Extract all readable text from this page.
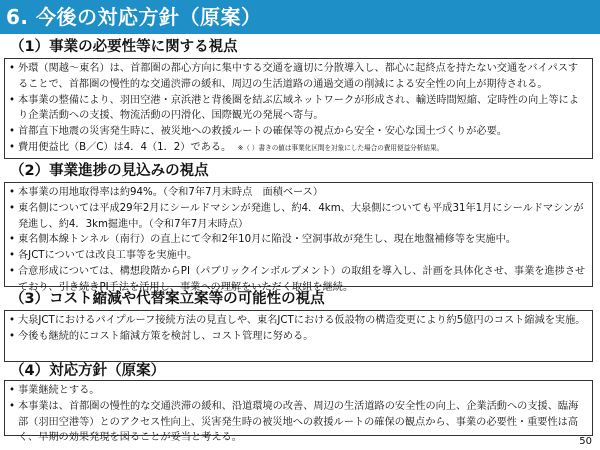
6. 今後の対応方針（原案）
（1）事業の必要性等に関する視点
• 外環（関越～東名）は、首都圏の都心方向に集中する交通を適切に分散導入し、都心に起終点を持たない交通をバイパスすることで、首都圏の慢性的な交通渋滞の緩和、周辺の生活道路の通過交通の削減による安全性の向上が期待される。
• 本事業の整備により、羽田空港・京浜港と背後圏を結ぶ広域ネットワークが形成され、輸送時間短縮、定時性の向上等により企業活動への支援、物流活動の円滑化、国際観光の発展へ寄与。
• 首都直下地震の災害発生時に、被災地への救援ルートの確保等の視点から安全・安心な国土づくりが必要。
• 費用便益比（B／C）は4．4（1．2）である。 ※（ ）書きの値は事業化区間を対象にした場合の費用便益分析結果。
（2）事業進捗の見込みの視点
• 本事業の用地取得率は約94%。（令和7年7月末時点　面積ベース）
• 東名側については平成29年2月にシールドマシンが発進し、約4．4km、大泉側についても平成31年1月にシールドマシンが発進し、約4．3km掘進中。（令和7年7月末時点）
• 東名側本線トンネル（南行）の直上にて令和2年10月に陥没・空洞事故が発生し、現在地盤補修等を実施中。
• 各JCTについては改良工事等を実施中。
• 合意形成については、構想段階からPI（パブリックインボルブメント）の取組を導入し、計画を具体化させ、事業を進捗させており、引き続きPI手法を活用し、事業への理解をいただく取組を継続。
（3）コスト縮減や代替案立案等の可能性の視点
• 大泉JCTにおけるパイプルーフ接続方法の見直しや、東名JCTにおける仮設物の構造変更により約5億円のコスト縮減を実施。
• 今後も継続的にコスト縮減方策を検討し、コスト管理に努める。
（4）対応方針（原案）
• 事業継続とする。
• 本事業は、首都圏の慢性的な交通渋滞の緩和、沿道環境の改善、周辺の生活道路の安全性の向上、企業活動への支援、臨海部（羽田空港等）とのアクセス性向上、災害発生時の被災地への救援ルートの確保の観点から、事業の必要性・重要性は高く、早期の効果発現を図ることが妥当と考える。	50
